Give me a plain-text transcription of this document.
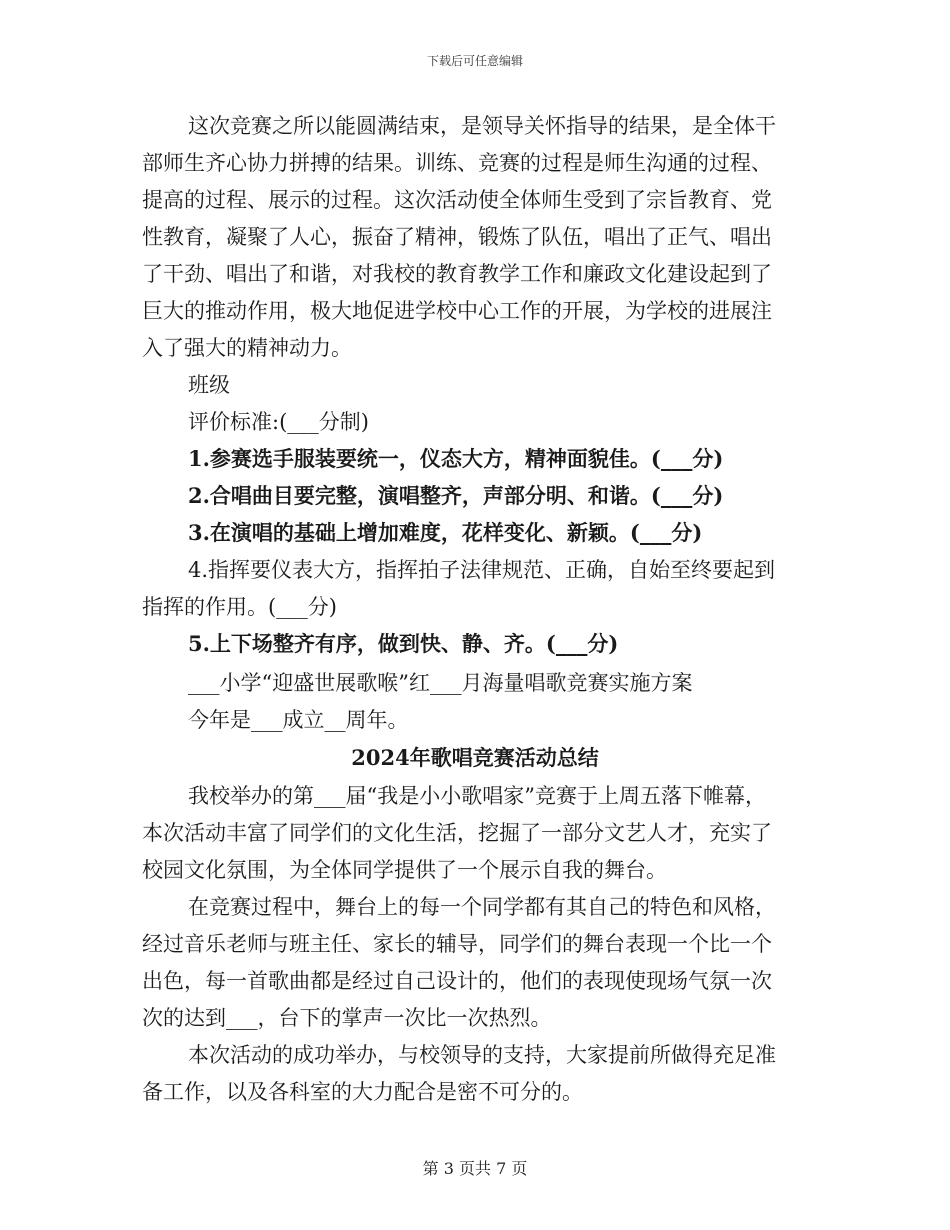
下载后可任意编辑
这次竞赛之所以能圆满结束，是领导关怀指导的结果，是全体干
部师生齐心协力拼搏的结果。训练、竞赛的过程是师生沟通的过程、
提高的过程、展示的过程。这次活动使全体师生受到了宗旨教育、党
性教育，凝聚了人心，振奋了精神，锻炼了队伍，唱出了正气、唱出
了干劲、唱出了和谐，对我校的教育教学工作和廉政文化建设起到了
巨大的推动作用，极大地促进学校中心工作的开展，为学校的进展注
入了强大的精神动力。
班级
评价标准:(___分制)
1.参赛选手服装要统一，仪态大方，精神面貌佳。(___分)
2.合唱曲目要完整，演唱整齐，声部分明、和谐。(___分)
3.在演唱的基础上增加难度，花样变化、新颖。(___分)
4.指挥要仪表大方，指挥拍子法律规范、正确，自始至终要起到
指挥的作用。(___分)
5.上下场整齐有序，做到快、静、齐。(___分)
___小学“迎盛世展歌喉”红___月海量唱歌竞赛实施方案
今年是___成立__周年。
2024年歌唱竞赛活动总结
我校举办的第___届“我是小小歌唱家”竞赛于上周五落下帷幕，
本次活动丰富了同学们的文化生活，挖掘了一部分文艺人才，充实了
校园文化氛围，为全体同学提供了一个展示自我的舞台。
在竞赛过程中，舞台上的每一个同学都有其自己的特色和风格，
经过音乐老师与班主任、家长的辅导，同学们的舞台表现一个比一个
出色，每一首歌曲都是经过自己设计的，他们的表现使现场气氛一次
次的达到___，台下的掌声一次比一次热烈。
本次活动的成功举办，与校领导的支持，大家提前所做得充足准
备工作，以及各科室的大力配合是密不可分的。
第 3 页共 7 页
